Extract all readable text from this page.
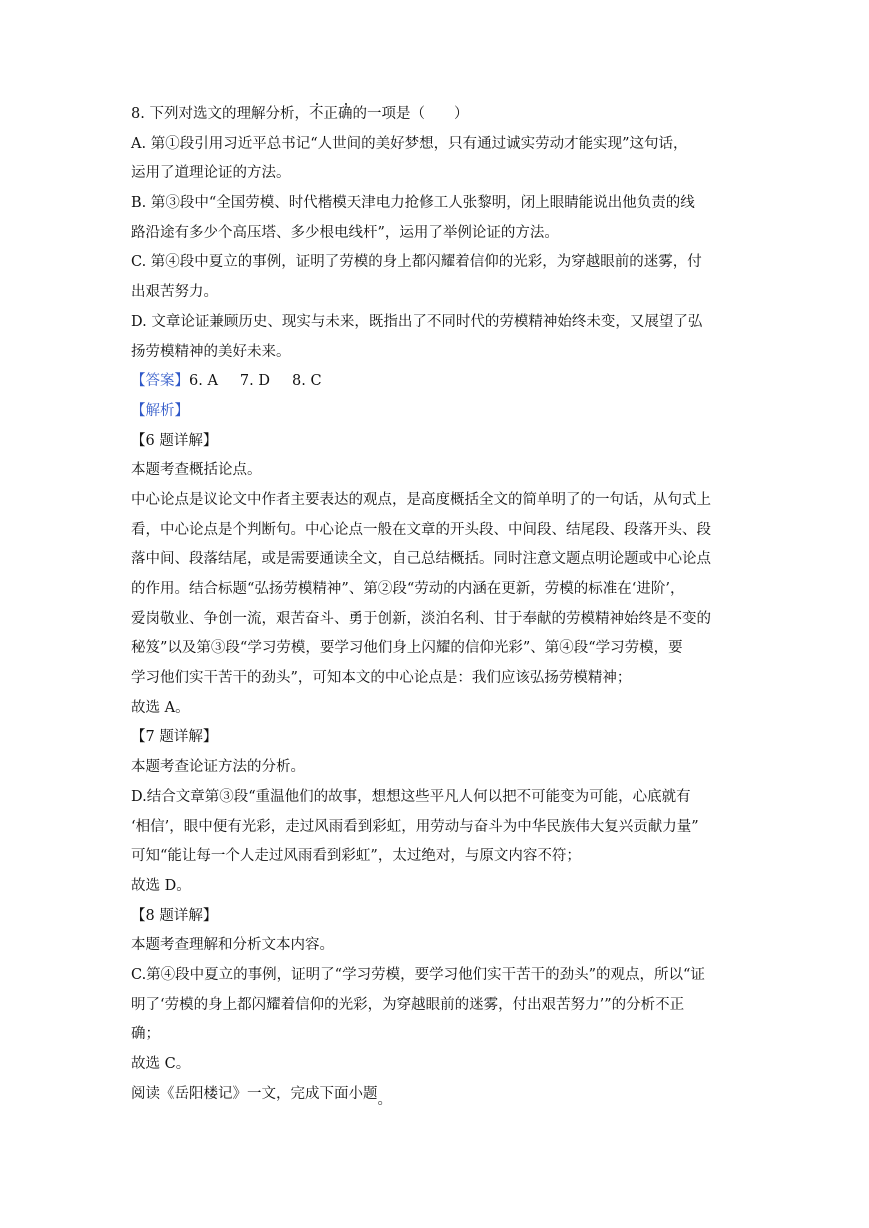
8. 下列对选文的理解分析，不正确的一项是（　　）
A. 第①段引用习近平总书记“人世间的美好梦想，只有通过诚实劳动才能实现”这句话，
运用了道理论证的方法。
B. 第③段中“全国劳模、时代楷模天津电力抢修工人张黎明，闭上眼睛能说出他负责的线
路沿途有多少个高压塔、多少根电线杆”，运用了举例论证的方法。
C. 第④段中夏立的事例，证明了劳模的身上都闪耀着信仰的光彩，为穿越眼前的迷雾，付
出艰苦努力。
D. 文章论证兼顾历史、现实与未来，既指出了不同时代的劳模精神始终未变，又展望了弘
扬劳模精神的美好未来。
【答案】6. A 7. D 8. C
【解析】
【6 题详解】
本题考查概括论点。
中心论点是议论文中作者主要表达的观点，是高度概括全文的简单明了的一句话，从句式上
看，中心论点是个判断句。中心论点一般在文章的开头段、中间段、结尾段、段落开头、段
落中间、段落结尾，或是需要通读全文，自己总结概括。同时注意文题点明论题或中心论点
的作用。结合标题“弘扬劳模精神”、第②段“劳动的内涵在更新，劳模的标准在‘进阶’，
爱岗敬业、争创一流，艰苦奋斗、勇于创新，淡泊名利、甘于奉献的劳模精神始终是不变的
秘笈”以及第③段“学习劳模，要学习他们身上闪耀的信仰光彩”、第④段“学习劳模，要
学习他们实干苦干的劲头”，可知本文的中心论点是：我们应该弘扬劳模精神；
故选 A。
【7 题详解】
本题考查论证方法的分析。
D.结合文章第③段“重温他们的故事，想想这些平凡人何以把不可能变为可能，心底就有
‘相信’，眼中便有光彩，走过风雨看到彩虹，用劳动与奋斗为中华民族伟大复兴贡献力量”
可知“能让每一个人走过风雨看到彩虹”，太过绝对，与原文内容不符；
故选 D。
【8 题详解】
本题考查理解和分析文本内容。
C.第④段中夏立的事例，证明了“学习劳模，要学习他们实干苦干的劲头”的观点，所以“证
明了‘劳模的身上都闪耀着信仰的光彩，为穿越眼前的迷雾，付出艰苦努力’”的分析不正
确；
故选 C。
阅读《岳阳楼记》一文，完成下面小题。
